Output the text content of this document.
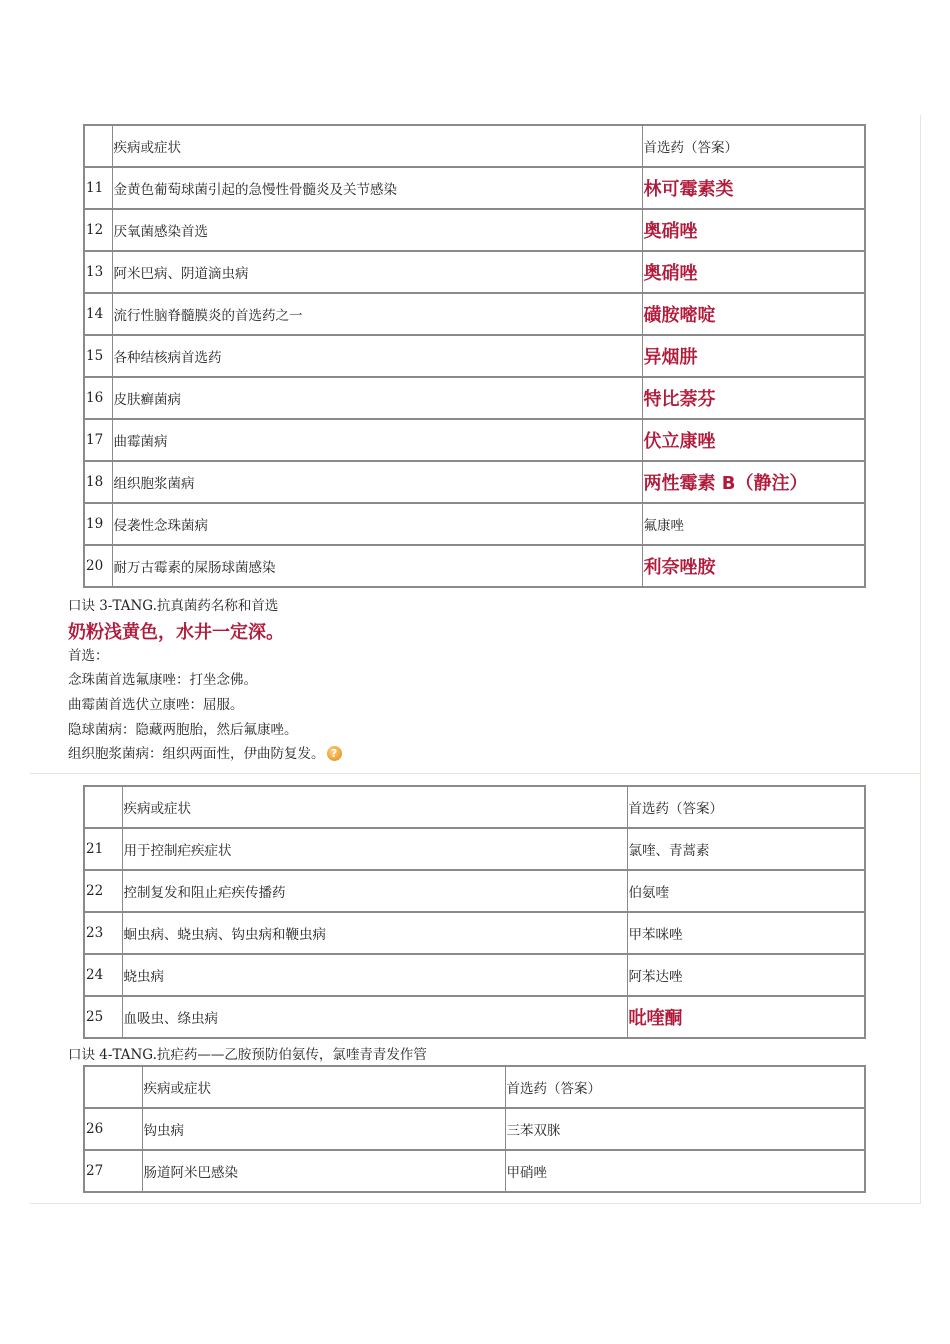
	疾病或症状	首选药（答案）
11	金黄色葡萄球菌引起的急慢性骨髓炎及关节感染	林可霉素类
12	厌氧菌感染首选	奥硝唑
13	阿米巴病、阴道滴虫病	奥硝唑
14	流行性脑脊髓膜炎的首选药之一	磺胺嘧啶
15	各种结核病首选药	异烟肼
16	皮肤癣菌病	特比萘芬
17	曲霉菌病	伏立康唑
18	组织胞浆菌病	两性霉素 B（静注）
19	侵袭性念珠菌病	氟康唑
20	耐万古霉素的屎肠球菌感染	利奈唑胺
口诀 3-TANG.抗真菌药名称和首选
奶粉浅黄色，水井一定深。
首选：
念珠菌首选氟康唑：打坐念佛。
曲霉菌首选伏立康唑：屈服。
隐球菌病：隐藏两胞胎，然后氟康唑。
组织胞浆菌病：组织两面性，伊曲防复发。 ?
	疾病或症状	首选药（答案）
21	用于控制疟疾症状	氯喹、青蒿素
22	控制复发和阻止疟疾传播药	伯氨喹
23	蛔虫病、蛲虫病、钩虫病和鞭虫病	甲苯咪唑
24	蛲虫病	阿苯达唑
25	血吸虫、绦虫病	吡喹酮
口诀 4-TANG.抗疟药——乙胺预防伯氨传，氯喹青青发作管
	疾病或症状	首选药（答案）
26	钩虫病	三苯双脒
27	肠道阿米巴感染	甲硝唑
